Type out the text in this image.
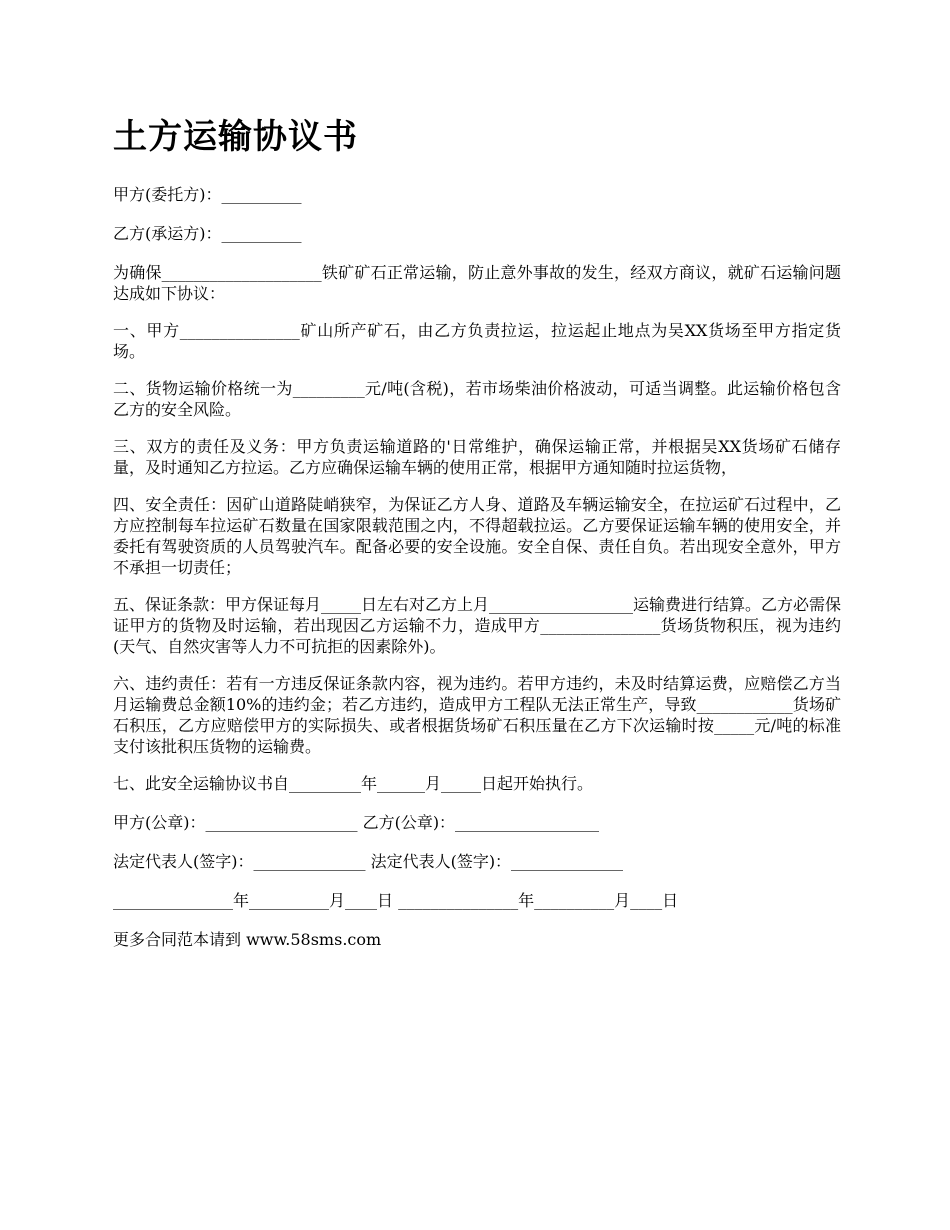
土方运输协议书

甲方(委托方)：__________

乙方(承运方)：__________

为确保____________________铁矿矿石正常运输，防止意外事故的发生，经双方商议，就矿石运输问题达成如下协议：

一、甲方_______________矿山所产矿石，由乙方负责拉运，拉运起止地点为吴XX货场至甲方指定货场。

二、货物运输价格统一为_________元/吨(含税)，若市场柴油价格波动，可适当调整。此运输价格包含乙方的安全风险。

三、双方的责任及义务：甲方负责运输道路的'日常维护，确保运输正常，并根据吴XX货场矿石储存量，及时通知乙方拉运。乙方应确保运输车辆的使用正常，根据甲方通知随时拉运货物，

四、安全责任：因矿山道路陡峭狭窄，为保证乙方人身、道路及车辆运输安全，在拉运矿石过程中，乙方应控制每车拉运矿石数量在国家限载范围之内，不得超载拉运。乙方要保证运输车辆的使用安全，并委托有驾驶资质的人员驾驶汽车。配备必要的安全设施。安全自保、责任自负。若出现安全意外，甲方不承担一切责任；

五、保证条款：甲方保证每月_____日左右对乙方上月__________________运输费进行结算。乙方必需保证甲方的货物及时运输，若出现因乙方运输不力，造成甲方_______________货场货物积压，视为违约(天气、自然灾害等人力不可抗拒的因素除外)。

六、违约责任：若有一方违反保证条款内容，视为违约。若甲方违约，未及时结算运费，应赔偿乙方当月运输费总金额10%的违约金；若乙方违约，造成甲方工程队无法正常生产，导致____________货场矿石积压，乙方应赔偿甲方的实际损失、或者根据货场矿石积压量在乙方下次运输时按_____元/吨的标准支付该批积压货物的运输费。

七、此安全运输协议书自_________年______月_____日起开始执行。

甲方(公章)：___________________ 乙方(公章)：__________________

法定代表人(签字)：______________ 法定代表人(签字)：______________

_______________年__________月____日 _______________年__________月____日

更多合同范本请到 www.58sms.com
